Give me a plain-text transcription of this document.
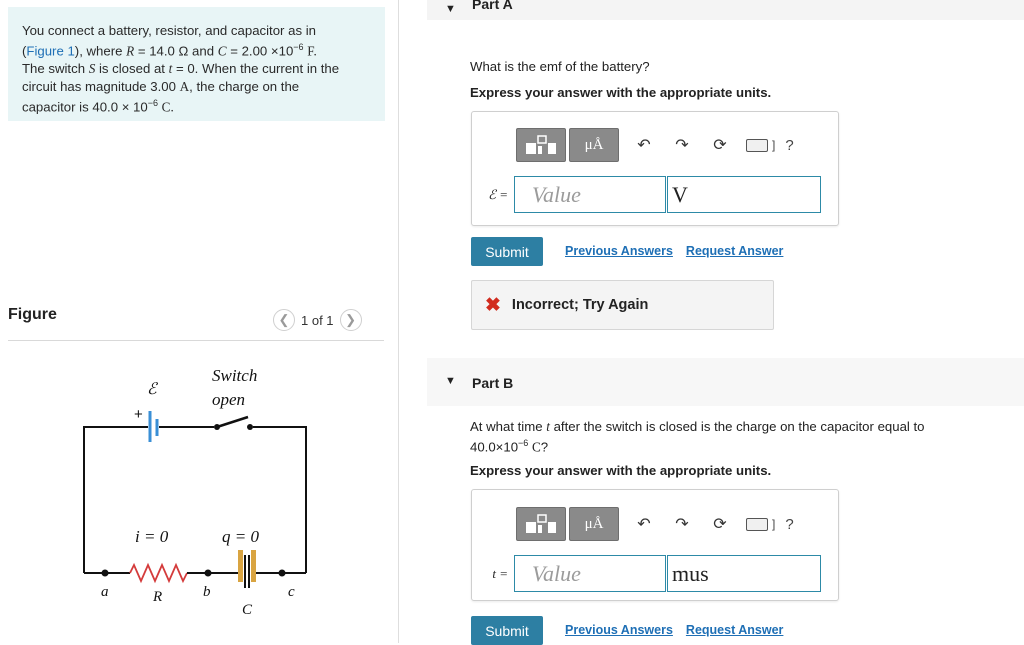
You connect a battery, resistor, and capacitor as in
(Figure 1), where R = 14.0 Ω and $C = 2.00 \times 10^{-6}$ F.
The switch S is closed at t = 0. When the current in the
circuit has magnitude 3.00 A, the charge on the
capacitor is $40.0 \times 10^{-6}$ C.
Figure	❮ 1 of 1 ❯
ℰ
+
Switch
open
i = 0	q = 0
a	R	b
C
c
▼ Part A
What is the emf of the battery?
Express your answer with the appropriate units.
μÅ	↶	↷	⟳	] ?
ℰ =	Value	V
Submit	Previous Answers Request Answer
✖ Incorrect; Try Again
▼ Part B
At what time t after the switch is closed is the charge on the capacitor equal to
$40.0\times 10^{-6}$ C?
Express your answer with the appropriate units.
μÅ	↶	↷	⟳	] ?
t =	Value	mus
Submit	Previous Answers Request Answer
